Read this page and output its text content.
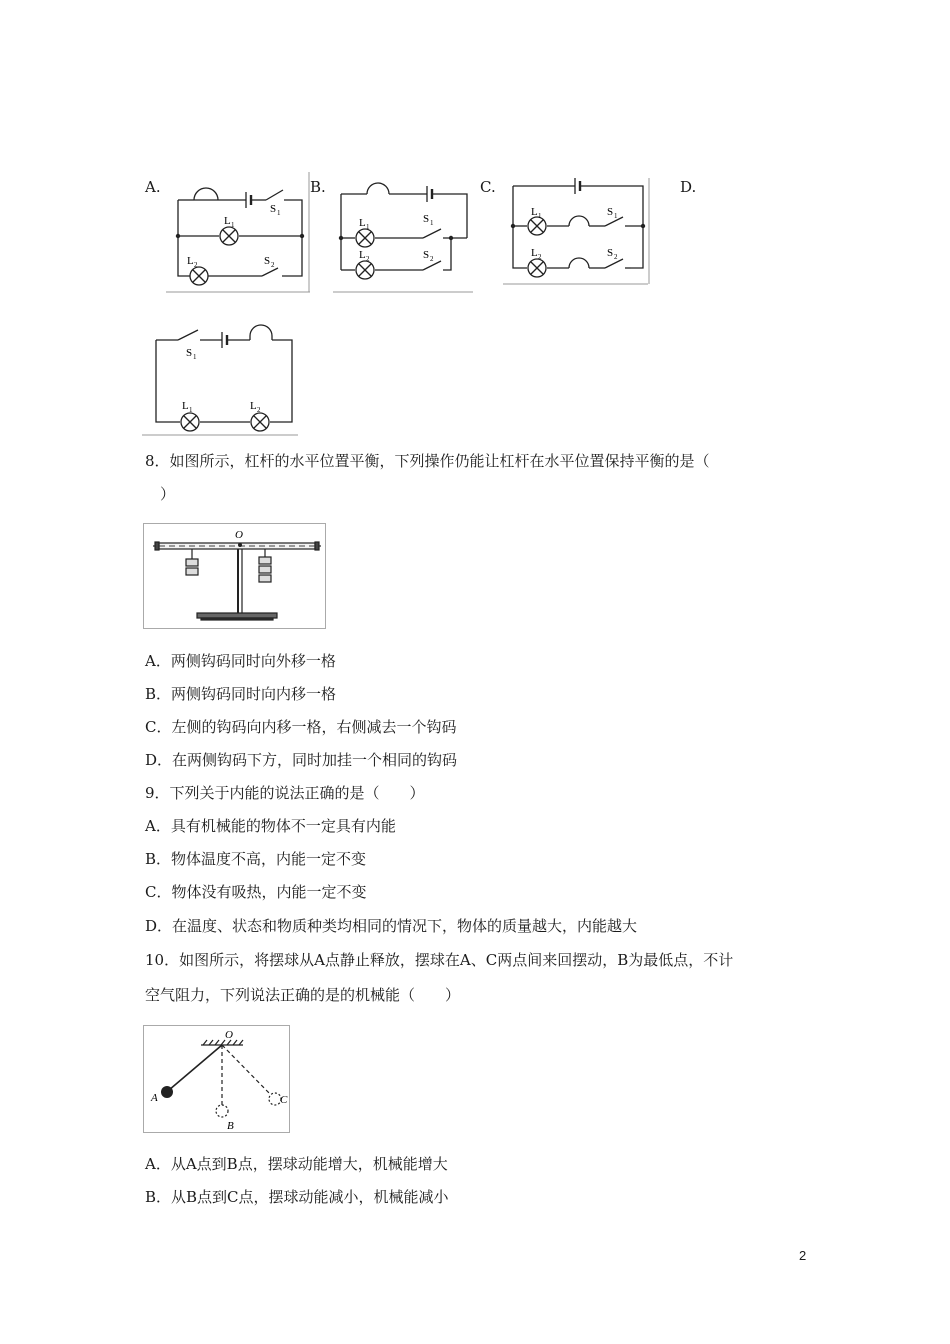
A.	B.	C.	D.
S 1
L 1
L 2	S 2
L 1
S 1
L 2	S 2
L 1	S 1
L 2	S 2
S 1
L 1	L 2
8．如图所示，杠杆的水平位置平衡，下列操作仍能让杠杆在水平位置保持平衡的是（
）
O
A．两侧钩码同时向外移一格
B．两侧钩码同时向内移一格
C．左侧的钩码向内移一格，右侧减去一个钩码
D．在两侧钩码下方，同时加挂一个相同的钩码
9．下列关于内能的说法正确的是（　　）
A．具有机械能的物体不一定具有内能
B．物体温度不高，内能一定不变
C．物体没有吸热，内能一定不变
D．在温度、状态和物质种类均相同的情况下，物体的质量越大，内能越大
10．如图所示，将摆球从A点静止释放，摆球在A、C两点间来回摆动，B为最低点，不计
空气阻力，下列说法正确的是的机械能（　　）
O
A
B
C
A．从A点到B点，摆球动能增大，机械能增大
B．从B点到C点，摆球动能减小，机械能减小
2
